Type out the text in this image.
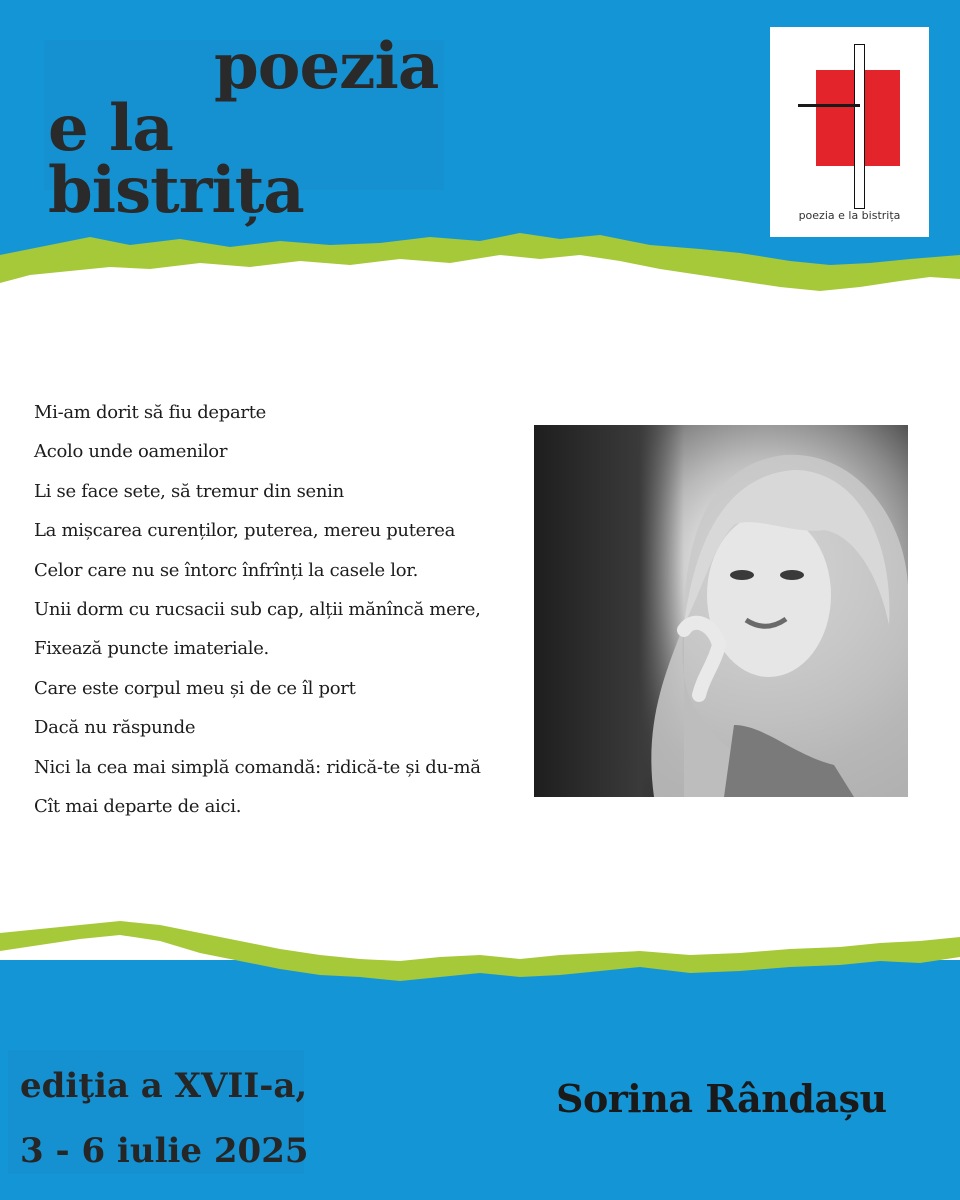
poezia
e la bistrița	poezia e la bistrița
Mi-am dorit să fiu departe
Acolo unde oamenilor
Li se face sete, să tremur din senin
La mișcarea curenților, puterea, mereu puterea
Celor care nu se întorc înfrînți la casele lor.
Unii dorm cu rucsacii sub cap, alții mănîncă mere,
Fixează puncte imateriale.
Care este corpul meu și de ce îl port
Dacă nu răspunde
Nici la cea mai simplă comandă: ridică-te și du-mă
Cît mai departe de aici.
ediţia a XVII-a,
3 - 6 iulie 2025
Sorina Rândașu
